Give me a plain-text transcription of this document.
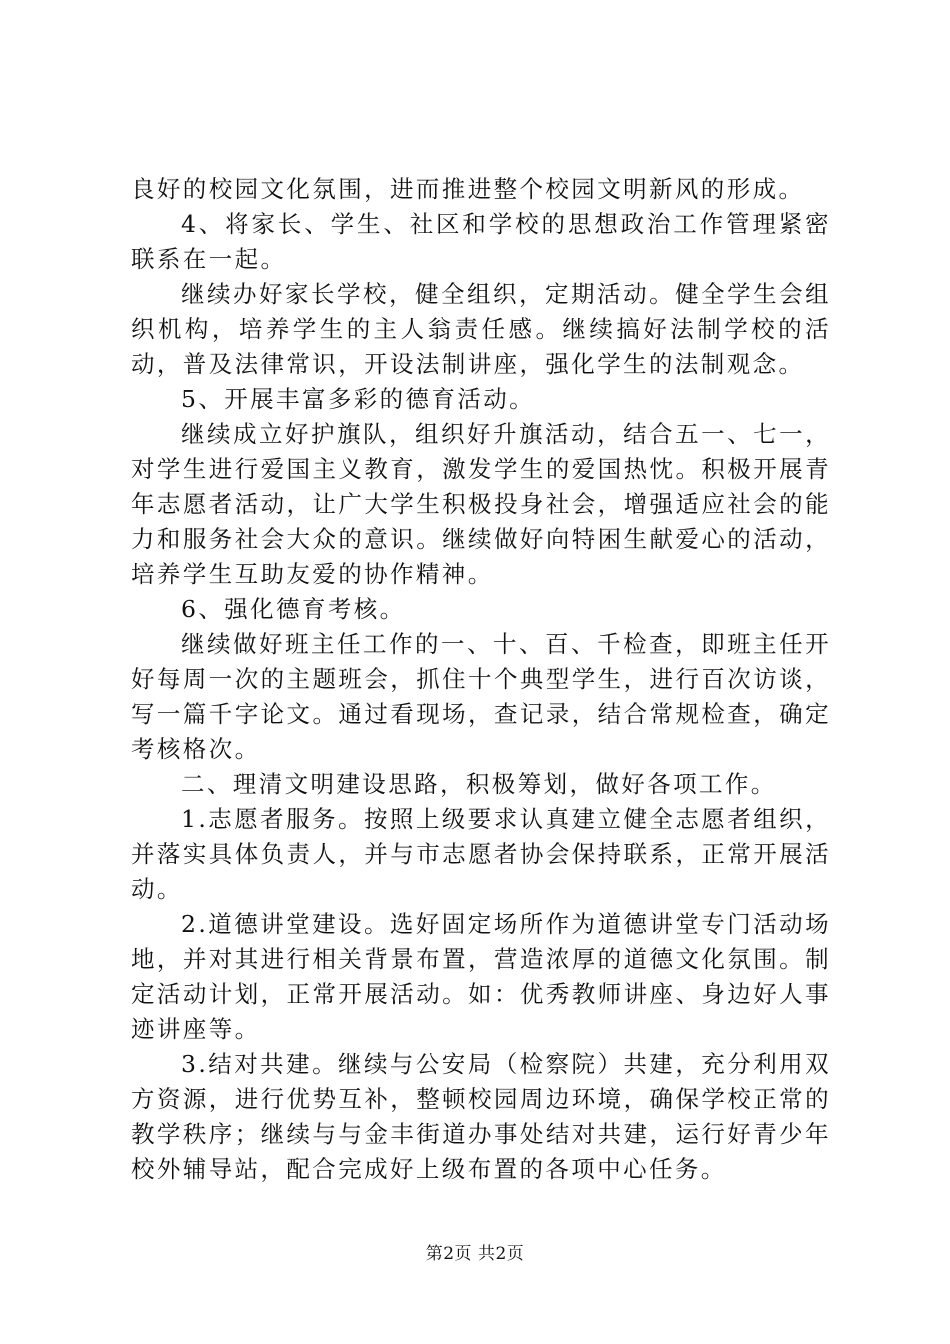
良好的校园文化氛围，进而推进整个校园文明新风的形成。

4、将家长、学生、社区和学校的思想政治工作管理紧密联系在一起。

继续办好家长学校，健全组织，定期活动。健全学生会组织机构，培养学生的主人翁责任感。继续搞好法制学校的活动，普及法律常识，开设法制讲座，强化学生的法制观念。

5、开展丰富多彩的德育活动。

继续成立好护旗队，组织好升旗活动，结合五一、七一，对学生进行爱国主义教育，激发学生的爱国热忱。积极开展青年志愿者活动，让广大学生积极投身社会，增强适应社会的能力和服务社会大众的意识。继续做好向特困生献爱心的活动，培养学生互助友爱的协作精神。

6、强化德育考核。

继续做好班主任工作的一、十、百、千检查，即班主任开好每周一次的主题班会，抓住十个典型学生，进行百次访谈，写一篇千字论文。通过看现场，查记录，结合常规检查，确定考核格次。

二、理清文明建设思路，积极筹划，做好各项工作。

1.志愿者服务。按照上级要求认真建立健全志愿者组织，并落实具体负责人，并与市志愿者协会保持联系，正常开展活动。

2.道德讲堂建设。选好固定场所作为道德讲堂专门活动场地，并对其进行相关背景布置，营造浓厚的道德文化氛围。制定活动计划，正常开展活动。如：优秀教师讲座、身边好人事迹讲座等。

3.结对共建。继续与公安局（检察院）共建，充分利用双方资源，进行优势互补，整顿校园周边环境，确保学校正常的教学秩序；继续与与金丰街道办事处结对共建，运行好青少年校外辅导站，配合完成好上级布置的各项中心任务。

第2页 共2页
